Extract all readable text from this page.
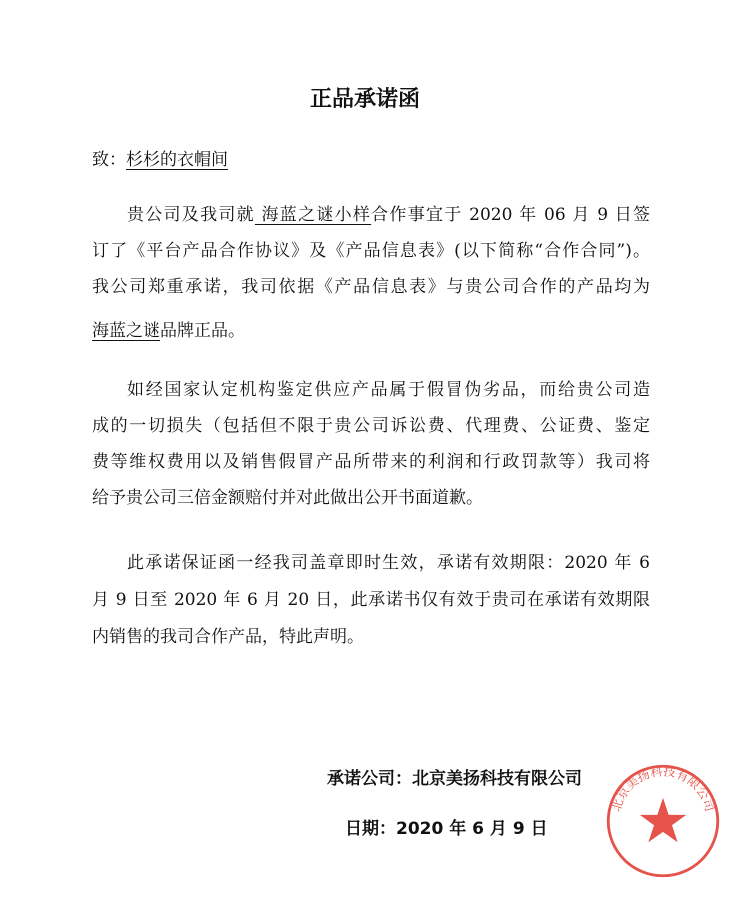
正品承诺函
致：杉杉的衣帽间
贵公司及我司就 海蓝之谜小样合作事宜于 2020 年 06 月 9 日签
订了《平台产品合作协议》及《产品信息表》(以下简称“合作合同”)。
我公司郑重承诺，我司依据《产品信息表》与贵公司合作的产品均为
海蓝之谜品牌正品。
如经国家认定机构鉴定供应产品属于假冒伪劣品，而给贵公司造
成的一切损失（包括但不限于贵公司诉讼费、代理费、公证费、鉴定
费等维权费用以及销售假冒产品所带来的利润和行政罚款等）我司将
给予贵公司三倍金额赔付并对此做出公开书面道歉。
此承诺保证函一经我司盖章即时生效，承诺有效期限：2020 年 6
月 9 日至 2020 年 6 月 20 日，此承诺书仅有效于贵司在承诺有效期限
内销售的我司合作产品，特此声明。
承诺公司：北京美扬科技有限公司
日期：2020 年 6 月 9 日
北京美扬科技有限公司
